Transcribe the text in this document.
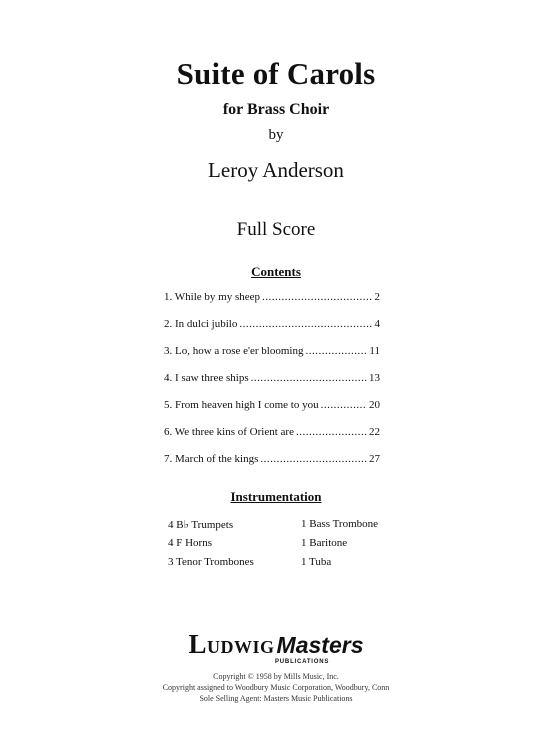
Suite of Carols
for Brass Choir
by
Leroy Anderson
Full Score
Contents
1. While by my sheep .....	2
2. In dulci jubilo .....	4
3. Lo, how a rose e'er blooming .....	11
4. I saw three ships .....	13
5. From heaven high I come to you .....	20
6. We three kins of Orient are .....	22
7. March of the kings .....	27
Instrumentation
4 B♭ Trumpets
4 F Horns
3 Tenor Trombones
1 Bass Trombone
1 Baritone
1 Tuba
LUDWIGMasters
PUBLICATIONS
Copyright © 1958 by Mills Music, Inc.
Copyright assigned to Woodbury Music Corporation, Woodbury, Conn
Sole Selling Agent: Masters Music Publications
